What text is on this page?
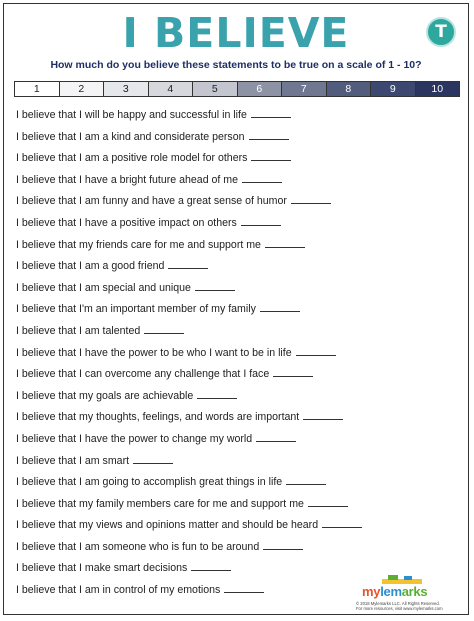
I BELIEVE
T
How much do you believe these statements to be true on a scale of 1 - 10?
1	2	3	4	5	6	7	8	9	10
I believe that I will be happy and successful in life
I believe that I am a kind and considerate person
I believe that I am a positive role model for others
I believe that I have a bright future ahead of me
I believe that I am funny and have a great sense of humor
I believe that I have a positive impact on others
I believe that my friends care for me and support me
I believe that I am a good friend
I believe that I am special and unique
I believe that I'm an important member of my family
I believe that I am talented
I believe that I have the power to be who I want to be in life
I believe that I can overcome any challenge that I face
I believe that my goals are achievable
I believe that my thoughts, feelings, and words are important
I believe that I have the power to change my world
I believe that I am smart
I believe that I am going to accomplish great things in life
I believe that my family members care for me and support me
I believe that my views and opinions matter and should be heard
I believe that I am someone who is fun to be around
I believe that I make smart decisions
I believe that I am in control of my emotions	mylemarks
© 2018 Mylemarks LLC. All Rights Reserved.
For more resources, visit www.mylemarks.com
